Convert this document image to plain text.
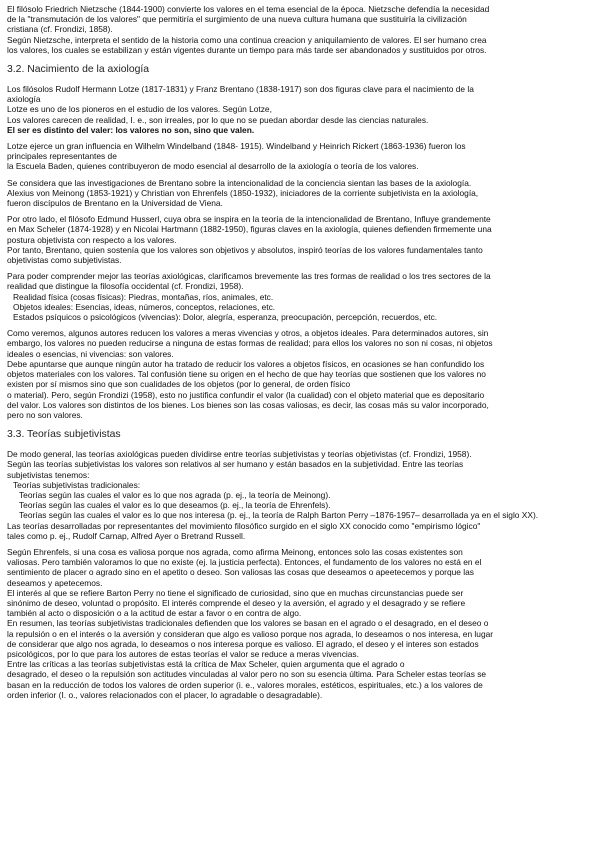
El filósolo Friedrich Nietzsche (1844-1900) convierte los valores en el tema esencial de la época. Nietzsche defendía la necesidad
de la "transmutación de los valores" que permitiría el surgimiento de una nueva cultura humana que sustituiría la civilización
cristiana (cf. Frondizi, 1858).
Según Nietzsche, interpreta el sentido de la historia como una continua creacion y aniquilamiento de valores. El ser humano crea
los valores, los cuales se estabilizan y están vigentes durante un tiempo para más tarde ser abandonados y sustituidos por otros.

3.2. Nacimiento de la axiología

Los filósolos Rudolf Hermann Lotze (1817-1831) y Franz Brentano (1838-1917) son dos figuras clave para el nacimiento de la
axiología
Lotze es uno de los pioneros en el estudio de los valores. Según Lotze,
Los valores carecen de realidad, I. e., son irreales, por lo que no se puedan abordar desde las ciencias naturales.
El ser es distinto del valer: los valores no son, sino que valen.

Lotze ejerce un gran influencia en Wilhelm Windelband (1848- 1915). Windelband y Heinrich Rickert (1863-1936) fueron los
principales representantes de
la Escuela Baden, quienes contribuyeron de modo esencial al desarrollo de la axiología o teoría de los valores.

Se considera que las investigaciones de Brentano sobre la intencionalidad de la conciencia sientan las bases de la axiología.
Alexius von Meinong (1853-1921) y Christian von Ehrenfels (1850-1932), iniciadores de la corriente subjetivista en la axiología,
fueron discípulos de Brentano en la Universidad de Viena.

Por otro lado, el filósofo Edmund Husserl, cuya obra se inspira en la teoría de la intencionalidad de Brentano, Influye grandemente
en Max Scheler (1874-1928) y en Nicolai Hartmann (1882-1950), figuras claves en la axiología, quienes defienden firmemente una
postura objetivista con respecto a los valores.
Por tanto, Brentano, quien sostenía que los valores son objetivos y absolutos, inspiró teorías de los valores fundamentales tanto
objetivistas como subjetivistas.

Para poder comprender mejor las teorías axiológicas, clarificamos brevemente las tres formas de realidad o los tres sectores de la
realidad que distingue la filosofía occidental (cf. Frondizi, 1958).
Realidad física (cosas físicas): Piedras, montañas, ríos, animales, etc.
Objetos ideales: Esencias, ideas, números, conceptos, relaciones, etc.
Estados psíquicos o psicológicos (vivencias): Dolor, alegría, esperanza, preocupación, percepción, recuerdos, etc.

Como veremos, algunos autores reducen los valores a meras vivencias y otros, a objetos ideales. Para determinados autores, sin
embargo, los valores no pueden reducirse a ninguna de estas formas de realidad; para ellos los valores no son ni cosas, ni objetos
ideales o esencias, ni vivencias: son valores.
Debe apuntarse que aunque ningún autor ha tratado de reducir los valores a objetos físicos, en ocasiones se han confundido los
objetos materiales con los valores. Tal confusión tiene su origen en el hecho de que hay teorías que sostienen que los valores no
existen por sí mismos sino que son cualidades de los objetos (por lo general, de orden físico
o material). Pero, según Frondizi (1958), esto no justifica confundir el valor (la cualidad) con el objeto material que es depositario
del valor. Los valores son distintos de los bienes. Los bienes son las cosas valiosas, es decir, las cosas más su valor incorporado,
pero no son valores.

3.3. Teorías subjetivistas

De modo general, las teorías axiológicas pueden dividirse entre teorías subjetivistas y teorías objetivistas (cf. Frondizi, 1958).
Según las teorías subjetivistas los valores son relativos al ser humano y están basados en la subjetividad. Entre las teorías
subjetivistas tenemos:
Teorías subjetivistas tradicionales:
Teorías según las cuales el valor es lo que nos agrada (p. ej., la teoría de Meinong).
Teorías según las cuales el valor es lo que deseamos (p. ej., la teoría de Ehrenfels).
Teorías según las cuales el valor es lo que nos interesa (p. ej., la teoría de Ralph Barton Perry –1876-1957– desarrollada ya en el siglo XX).
Las teorías desarrolladas por representantes del movimiento filosófico surgido en el siglo XX conocido como "empirismo lógico"
tales como p. ej., Rudolf Carnap, Alfred Ayer o Bretrand Russell.

Según Ehrenfels, si una cosa es valiosa porque nos agrada, como afirma Meinong, entonces solo las cosas existentes son
valiosas. Pero también valoramos lo que no existe (ej. la justicia perfecta). Entonces, el fundamento de los valores no está en el
sentimiento de placer o agrado sino en el apetito o deseo. Son valiosas las cosas que deseamos o apeetecemos y porque las
deseamos y apetecemos.
El interés al que se refiere Barton Perry no tiene el significado de curiosidad, sino que en muchas circunstancias puede ser
sinónimo de deseo, voluntad o propósito. El interés comprende el deseo y la aversión, el agrado y el desagrado y se refiere
también al acto o disposición o a la actitud de estar a favor o en contra de algo.
En resumen, las teorías subjetivistas tradicionales defienden que los valores se basan en el agrado o el desagrado, en el deseo o
la repulsión o en el interés o la aversión y consideran que algo es valioso porque nos agrada, lo deseamos o nos interesa, en lugar
de considerar que algo nos agrada, lo deseamos o nos interesa porque es valioso. El agrado, el deseo y el interes son estados
psicológicos, por lo que para los autores de estas teorías el valor se reduce a meras vivencias.
Entre las críticas a las teorías subjetivistas está la crítica de Max Scheler, quien argumenta que el agrado o
desagrado, el deseo o la repulsión son actitudes vinculadas al valor pero no son su esencia última. Para Scheler estas teorías se
basan en la reducción de todos los valores de orden superior (i. e., valores morales, estéticos, espirituales, etc.) a los valores de
orden inferior (I. o., valores relacionados con el placer, lo agradable o desagradable).
